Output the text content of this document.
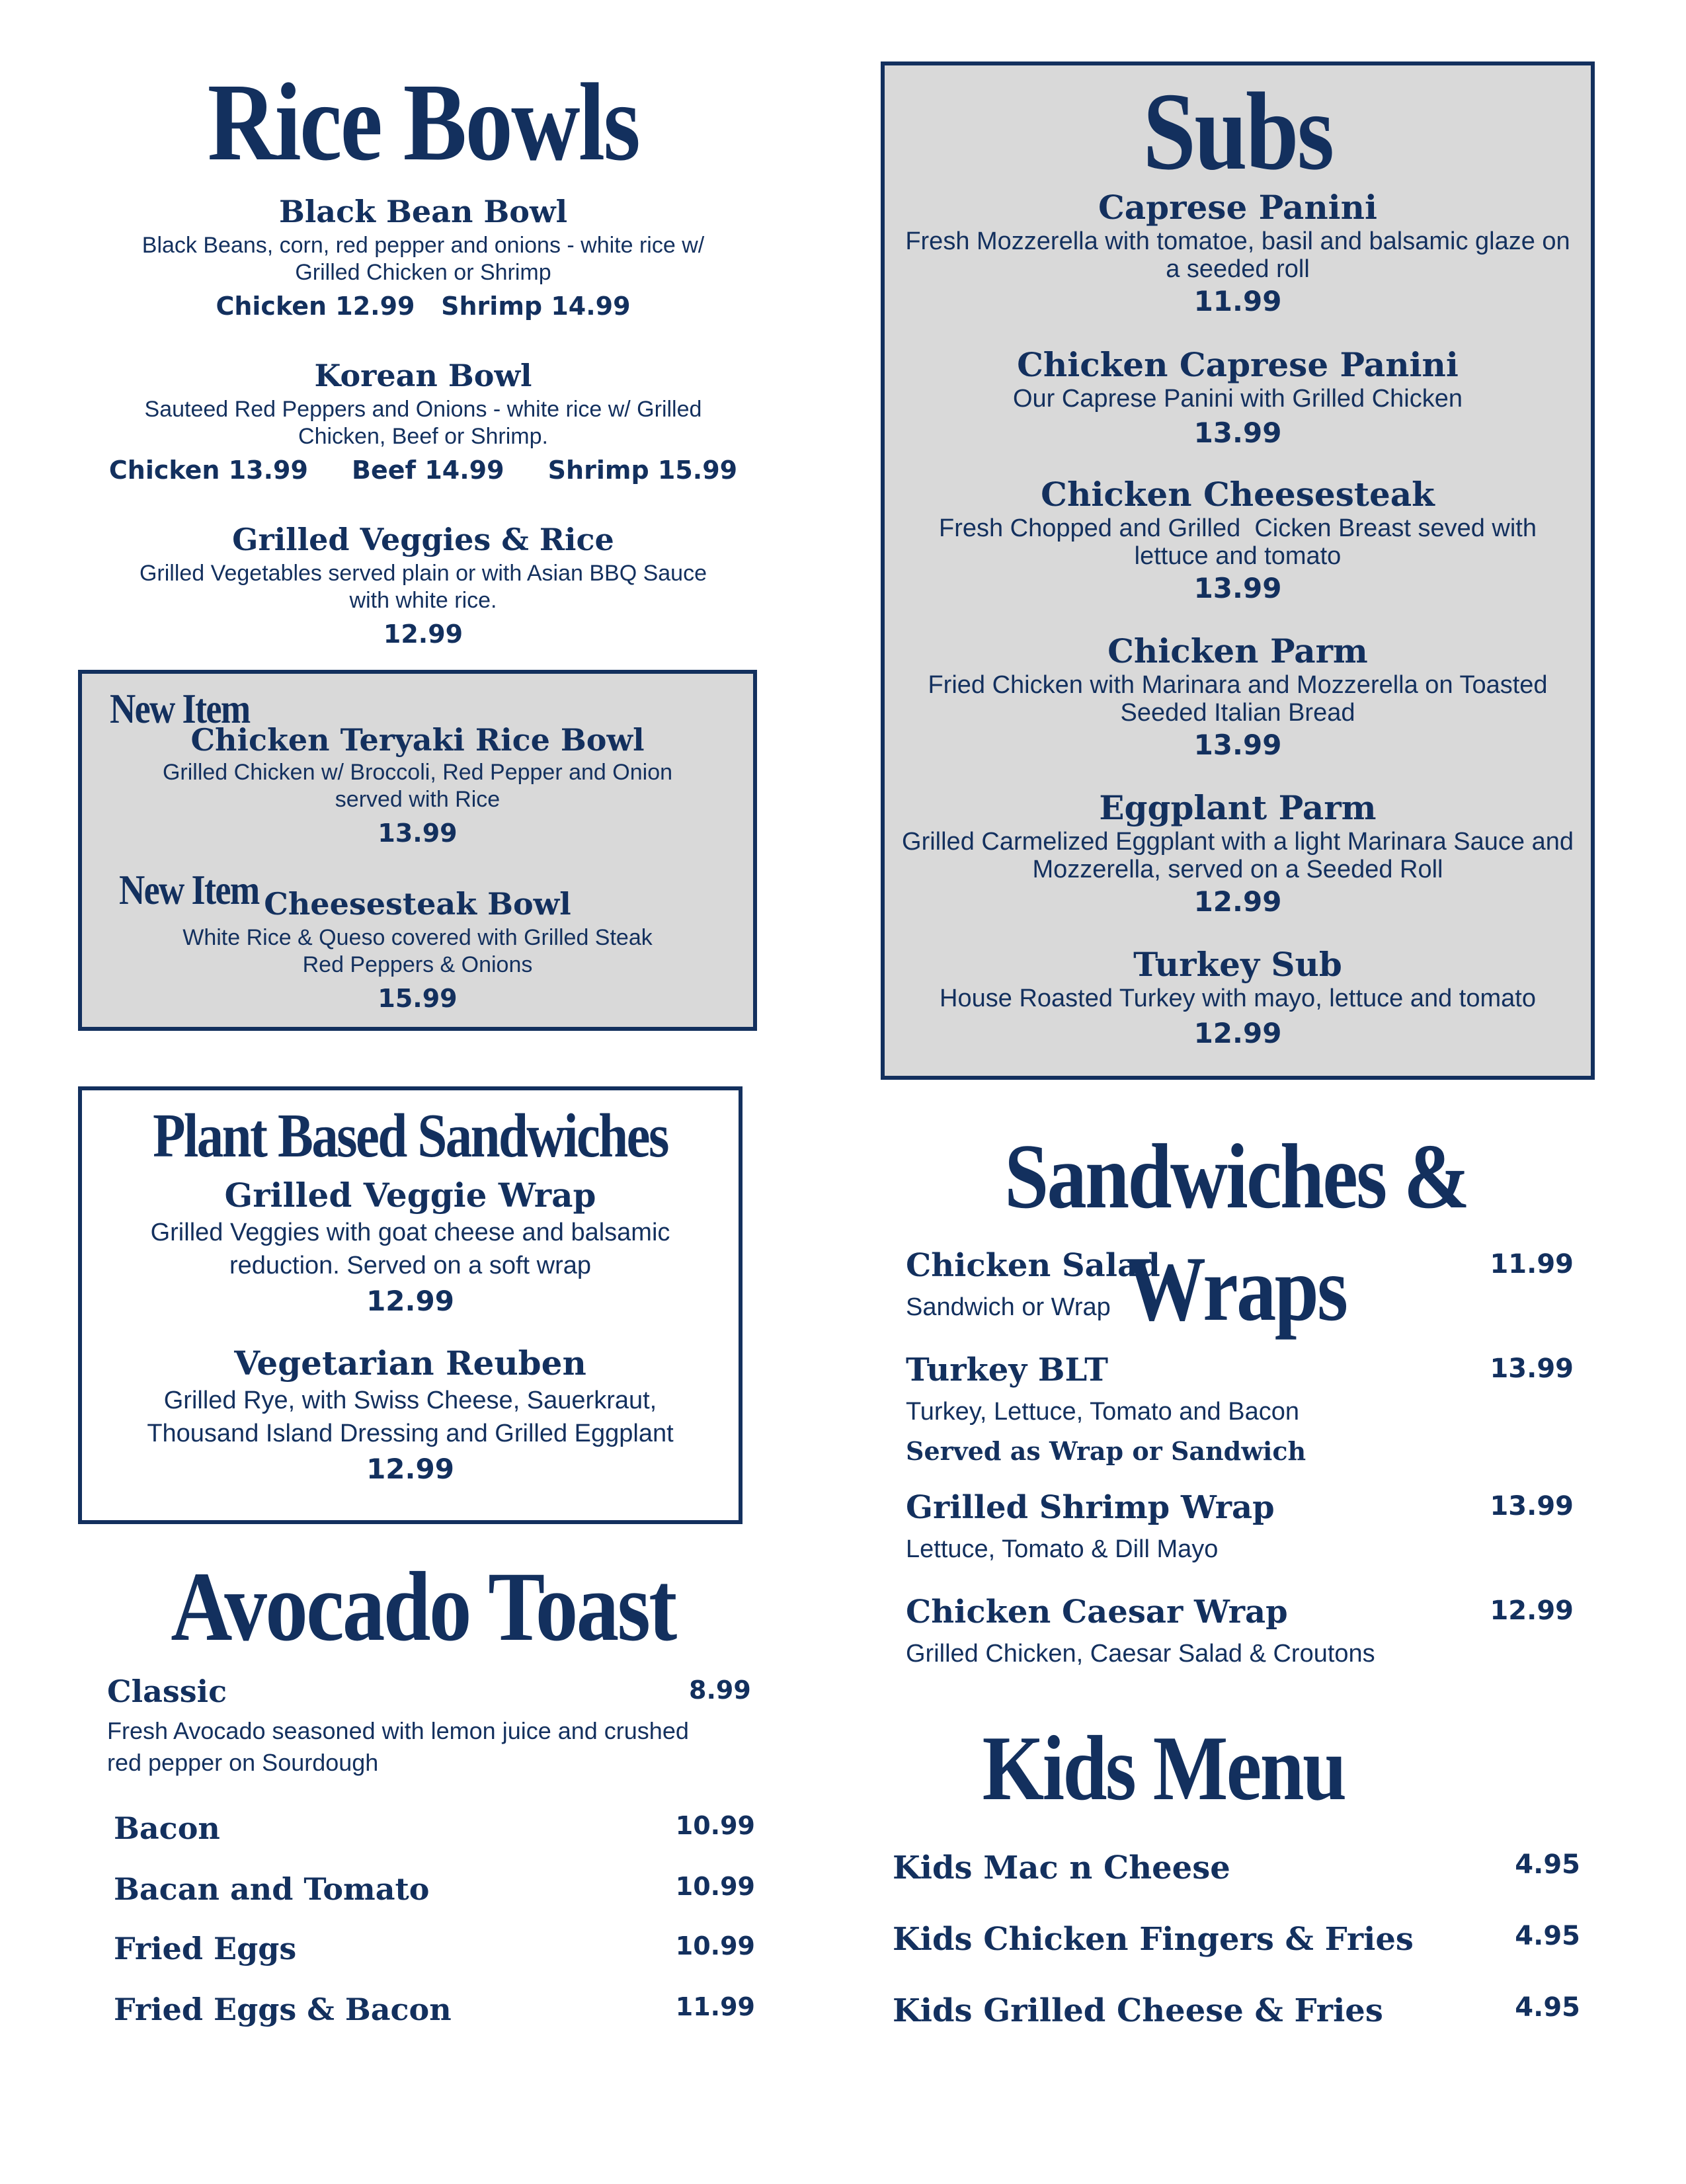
Rice Bowls
Black Bean Bowl
Black Beans, corn, red pepper and onions - white rice w/
Grilled Chicken or Shrimp
Chicken 12.99   Shrimp 14.99
Korean Bowl
Sauteed Red Peppers and Onions - white rice w/ Grilled
Chicken, Beef or Shrimp.
Chicken 13.99     Beef 14.99     Shrimp 15.99
Grilled Veggies & Rice
Grilled Vegetables served plain or with Asian BBQ Sauce
with white rice.
12.99
New Item
Chicken Teryaki Rice Bowl
Grilled Chicken w/ Broccoli, Red Pepper and Onion
served with Rice
13.99
New Item Cheesesteak Bowl
White Rice & Queso covered with Grilled Steak
Red Peppers & Onions
15.99
Plant Based Sandwiches
Grilled Veggie Wrap
Grilled Veggies with goat cheese and balsamic
reduction. Served on a soft wrap
12.99
Vegetarian Reuben
Grilled Rye, with Swiss Cheese, Sauerkraut,
Thousand Island Dressing and Grilled Eggplant
12.99
Avocado Toast
Classic	8.99
Fresh Avocado seasoned with lemon juice and crushed
red pepper on Sourdough
Bacon	10.99
Bacan and Tomato	10.99
Fried Eggs	10.99
Fried Eggs & Bacon	11.99
Subs
Caprese Panini
Fresh Mozzerella with tomatoe, basil and balsamic glaze on
a seeded roll
11.99
Chicken Caprese Panini
Our Caprese Panini with Grilled Chicken
13.99
Chicken Cheesesteak
Fresh Chopped and Grilled  Cicken Breast seved with
lettuce and tomato
13.99
Chicken Parm
Fried Chicken with Marinara and Mozzerella on Toasted
Seeded Italian Bread
13.99
Eggplant Parm
Grilled Carmelized Eggplant with a light Marinara Sauce and
Mozzerella, served on a Seeded Roll
12.99
Turkey Sub
House Roasted Turkey with mayo, lettuce and tomato
12.99
Sandwiches & Wraps
Chicken Salad	11.99
Sandwich or Wrap
Turkey BLT	13.99
Turkey, Lettuce, Tomato and Bacon
Served as Wrap or Sandwich
Grilled Shrimp Wrap	13.99
Lettuce, Tomato & Dill Mayo
Chicken Caesar Wrap	12.99
Grilled Chicken, Caesar Salad & Croutons
Kids Menu
Kids Mac n Cheese	4.95
Kids Chicken Fingers & Fries	4.95
Kids Grilled Cheese & Fries	4.95
